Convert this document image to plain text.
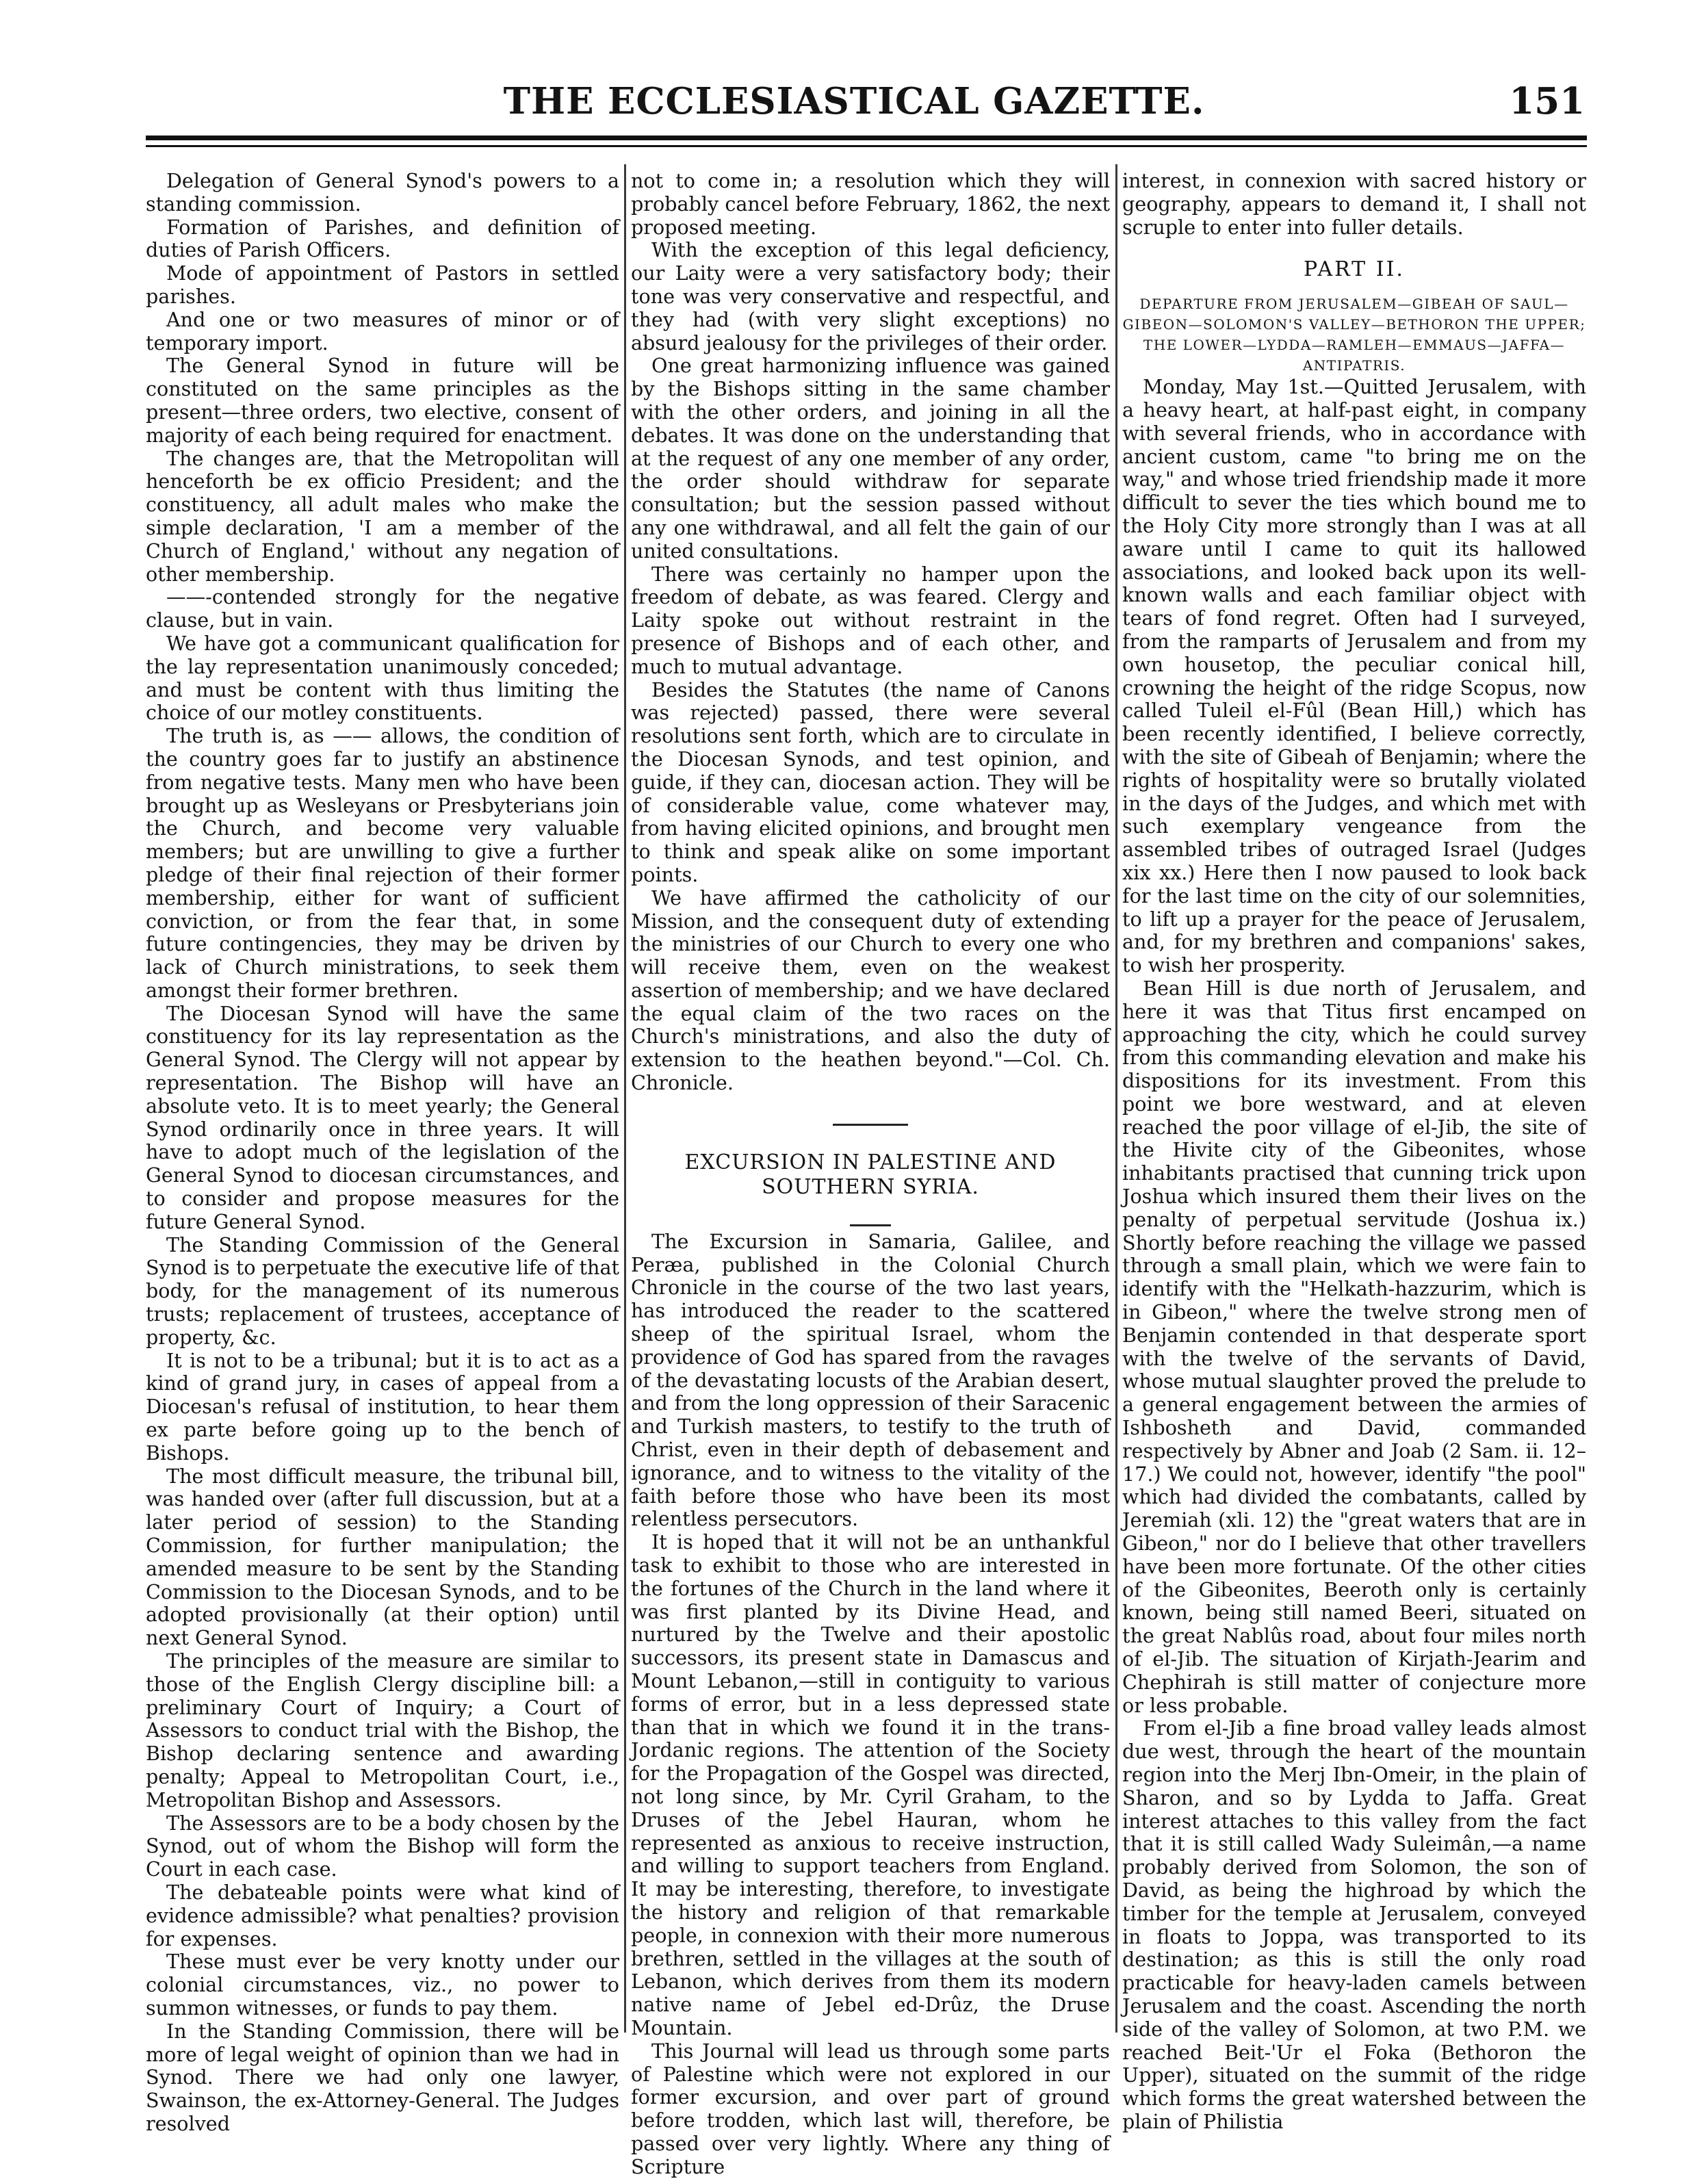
THE ECCLESIASTICAL GAZETTE.	151

Delegation of General Synod's powers to a standing commission.

Formation of Parishes, and definition of duties of Parish Officers.

Mode of appointment of Pastors in settled parishes.

And one or two measures of minor or of temporary import.

The General Synod in future will be constituted on the same principles as the present—three orders, two elective, consent of majority of each being required for enactment.

The changes are, that the Metropolitan will henceforth be ex officio President; and the constituency, all adult males who make the simple declaration, 'I am a member of the Church of England,' without any negation of other membership.

——-contended strongly for the negative clause, but in vain.

We have got a communicant qualification for the lay representation unanimously conceded; and must be content with thus limiting the choice of our motley constituents.

The truth is, as —— allows, the condition of the country goes far to justify an abstinence from negative tests. Many men who have been brought up as Wesleyans or Presbyterians join the Church, and become very valuable members; but are unwilling to give a further pledge of their final rejection of their former membership, either for want of sufficient conviction, or from the fear that, in some future contingencies, they may be driven by lack of Church ministrations, to seek them amongst their former brethren.

The Diocesan Synod will have the same constituency for its lay representation as the General Synod. The Clergy will not appear by representation. The Bishop will have an absolute veto. It is to meet yearly; the General Synod ordinarily once in three years. It will have to adopt much of the legislation of the General Synod to diocesan circumstances, and to consider and propose measures for the future General Synod.

The Standing Commission of the General Synod is to perpetuate the executive life of that body, for the management of its numerous trusts; replacement of trustees, acceptance of property, &c.

It is not to be a tribunal; but it is to act as a kind of grand jury, in cases of appeal from a Diocesan's refusal of institution, to hear them ex parte before going up to the bench of Bishops.

The most difficult measure, the tribunal bill, was handed over (after full discussion, but at a later period of session) to the Standing Commission, for further manipulation; the amended measure to be sent by the Standing Commission to the Diocesan Synods, and to be adopted provisionally (at their option) until next General Synod.

The principles of the measure are similar to those of the English Clergy discipline bill: a preliminary Court of Inquiry; a Court of Assessors to conduct trial with the Bishop, the Bishop declaring sentence and awarding penalty; Appeal to Metropolitan Court, i.e., Metropolitan Bishop and Assessors.

The Assessors are to be a body chosen by the Synod, out of whom the Bishop will form the Court in each case.

The debateable points were what kind of evidence admissible? what penalties? provision for expenses.

These must ever be very knotty under our colonial circumstances, viz., no power to summon witnesses, or funds to pay them.

In the Standing Commission, there will be more of legal weight of opinion than we had in Synod. There we had only one lawyer, Swainson, the ex-Attorney-General. The Judges resolved

not to come in; a resolution which they will probably cancel before February, 1862, the next proposed meeting.

With the exception of this legal deficiency, our Laity were a very satisfactory body; their tone was very conservative and respectful, and they had (with very slight exceptions) no absurd jealousy for the privileges of their order.

One great harmonizing influence was gained by the Bishops sitting in the same chamber with the other orders, and joining in all the debates. It was done on the understanding that at the request of any one member of any order, the order should withdraw for separate consultation; but the session passed without any one withdrawal, and all felt the gain of our united consultations.

There was certainly no hamper upon the freedom of debate, as was feared. Clergy and Laity spoke out without restraint in the presence of Bishops and of each other, and much to mutual advantage.

Besides the Statutes (the name of Canons was rejected) passed, there were several resolutions sent forth, which are to circulate in the Diocesan Synods, and test opinion, and guide, if they can, diocesan action. They will be of considerable value, come whatever may, from having elicited opinions, and brought men to think and speak alike on some important points.

We have affirmed the catholicity of our Mission, and the consequent duty of extending the ministries of our Church to every one who will receive them, even on the weakest assertion of membership; and we have declared the equal claim of the two races on the Church's ministrations, and also the duty of extension to the heathen beyond."—Col. Ch. Chronicle.

EXCURSION IN PALESTINE AND SOUTHERN SYRIA.

The Excursion in Samaria, Galilee, and Peræa, published in the Colonial Church Chronicle in the course of the two last years, has introduced the reader to the scattered sheep of the spiritual Israel, whom the providence of God has spared from the ravages of the devastating locusts of the Arabian desert, and from the long oppression of their Saracenic and Turkish masters, to testify to the truth of Christ, even in their depth of debasement and ignorance, and to witness to the vitality of the faith before those who have been its most relentless persecutors.

It is hoped that it will not be an unthankful task to exhibit to those who are interested in the fortunes of the Church in the land where it was first planted by its Divine Head, and nurtured by the Twelve and their apostolic successors, its present state in Damascus and Mount Lebanon,—still in contiguity to various forms of error, but in a less depressed state than that in which we found it in the trans-Jordanic regions. The attention of the Society for the Propagation of the Gospel was directed, not long since, by Mr. Cyril Graham, to the Druses of the Jebel Hauran, whom he represented as anxious to receive instruction, and willing to support teachers from England. It may be interesting, therefore, to investigate the history and religion of that remarkable people, in connexion with their more numerous brethren, settled in the villages at the south of Lebanon, which derives from them its modern native name of Jebel ed-Drûz, the Druse Mountain.

This Journal will lead us through some parts of Palestine which were not explored in our former excursion, and over part of ground before trodden, which last will, therefore, be passed over very lightly. Where any thing of Scripture

interest, in connexion with sacred history or geography, appears to demand it, I shall not scruple to enter into fuller details.

PART II.

DEPARTURE FROM JERUSALEM—GIBEAH OF SAUL—GIBEON—SOLOMON'S VALLEY—BETHORON THE UPPER; THE LOWER—LYDDA—RAMLEH—EMMAUS—JAFFA—ANTIPATRIS.

Monday, May 1st.—Quitted Jerusalem, with a heavy heart, at half-past eight, in company with several friends, who in accordance with ancient custom, came "to bring me on the way," and whose tried friendship made it more difficult to sever the ties which bound me to the Holy City more strongly than I was at all aware until I came to quit its hallowed associations, and looked back upon its well-known walls and each familiar object with tears of fond regret. Often had I surveyed, from the ramparts of Jerusalem and from my own housetop, the peculiar conical hill, crowning the height of the ridge Scopus, now called Tuleil el-Fûl (Bean Hill,) which has been recently identified, I believe correctly, with the site of Gibeah of Benjamin; where the rights of hospitality were so brutally violated in the days of the Judges, and which met with such exemplary vengeance from the assembled tribes of outraged Israel (Judges xix xx.) Here then I now paused to look back for the last time on the city of our solemnities, to lift up a prayer for the peace of Jerusalem, and, for my brethren and companions' sakes, to wish her prosperity.

Bean Hill is due north of Jerusalem, and here it was that Titus first encamped on approaching the city, which he could survey from this commanding elevation and make his dispositions for its investment. From this point we bore westward, and at eleven reached the poor village of el-Jib, the site of the Hivite city of the Gibeonites, whose inhabitants practised that cunning trick upon Joshua which insured them their lives on the penalty of perpetual servitude (Joshua ix.) Shortly before reaching the village we passed through a small plain, which we were fain to identify with the "Helkath-hazzurim, which is in Gibeon," where the twelve strong men of Benjamin contended in that desperate sport with the twelve of the servants of David, whose mutual slaughter proved the prelude to a general engagement between the armies of Ishbosheth and David, commanded respectively by Abner and Joab (2 Sam. ii. 12–17.) We could not, however, identify "the pool" which had divided the combatants, called by Jeremiah (xli. 12) the "great waters that are in Gibeon," nor do I believe that other travellers have been more fortunate. Of the other cities of the Gibeonites, Beeroth only is certainly known, being still named Beeri, situated on the great Nablûs road, about four miles north of el-Jib. The situation of Kirjath-Jearim and Chephirah is still matter of conjecture more or less probable.

From el-Jib a fine broad valley leads almost due west, through the heart of the mountain region into the Merj Ibn-Omeir, in the plain of Sharon, and so by Lydda to Jaffa. Great interest attaches to this valley from the fact that it is still called Wady Suleimân,—a name probably derived from Solomon, the son of David, as being the highroad by which the timber for the temple at Jerusalem, conveyed in floats to Joppa, was transported to its destination; as this is still the only road practicable for heavy-laden camels between Jerusalem and the coast. Ascending the north side of the valley of Solomon, at two P.M. we reached Beit-'Ur el Foka (Bethoron the Upper), situated on the summit of the ridge which forms the great watershed between the plain of Philistia
